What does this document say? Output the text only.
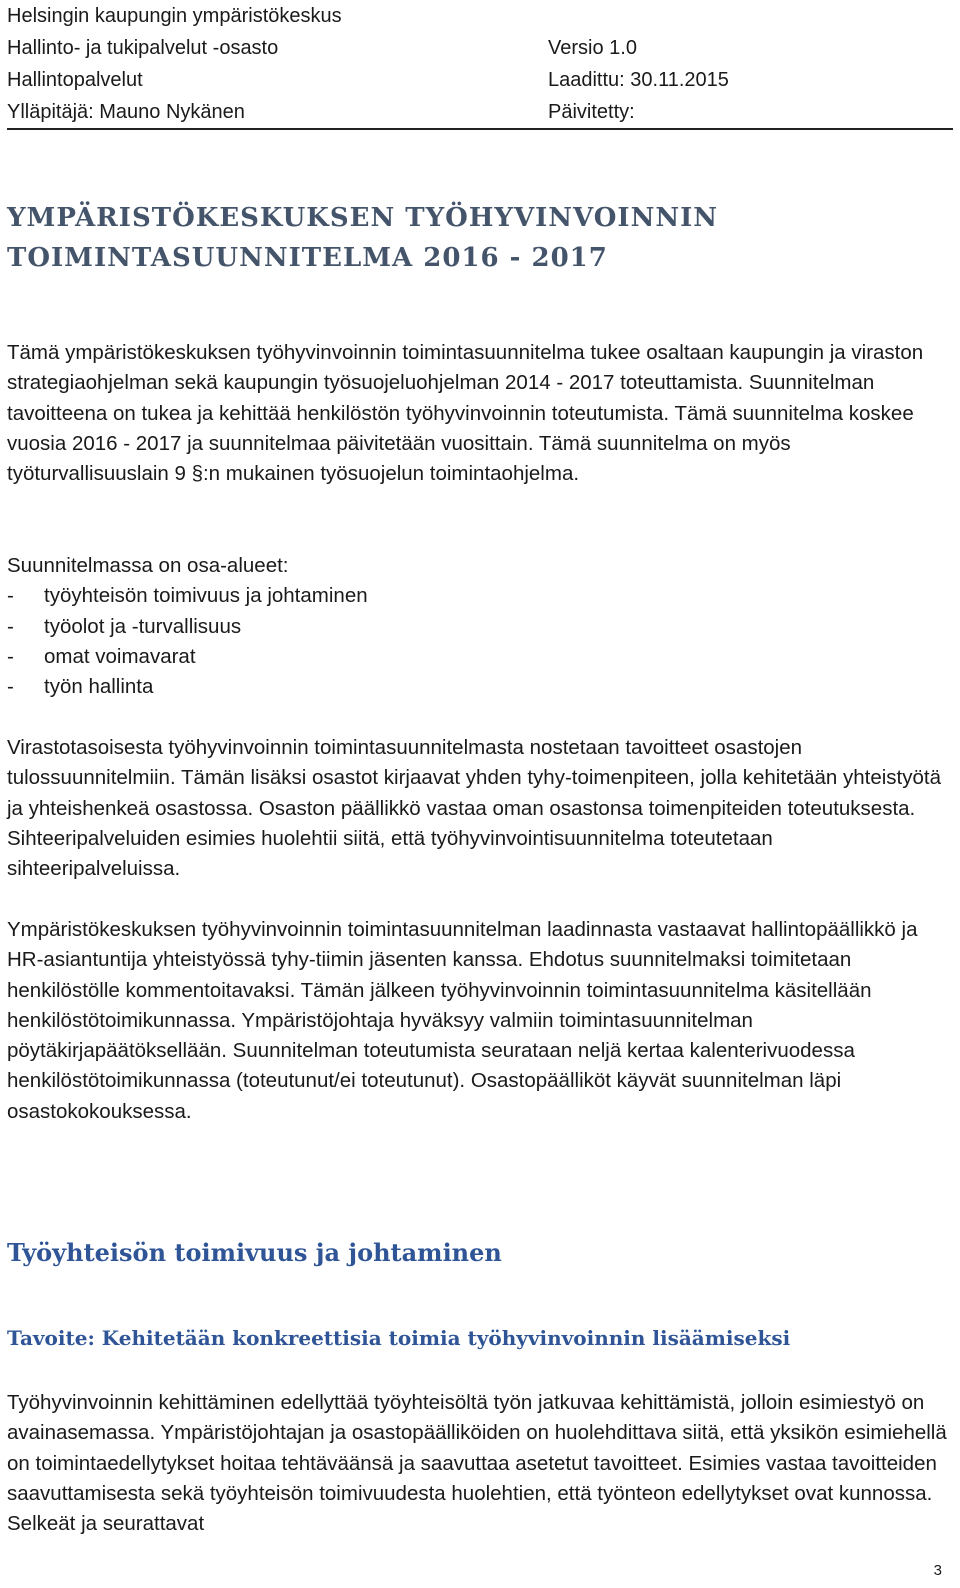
Helsingin kaupungin ympäristökeskus
Hallinto- ja tukipalvelut -osasto	Versio 1.0
Hallintopalvelut	Laadittu: 30.11.2015
Ylläpitäjä: Mauno Nykänen	Päivitetty:
YMPÄRISTÖKESKUKSEN TYÖHYVINVOINNIN
TOIMINTASUUNNITELMA 2016 - 2017

Tämä ympäristökeskuksen työhyvinvoinnin toimintasuunnitelma tukee osaltaan kaupungin ja viraston strategiaohjelman sekä kaupungin työsuojeluohjelman 2014 - 2017 toteuttamista. Suunnitelman tavoitteena on tukea ja kehittää henkilöstön työhyvinvoinnin toteutumista. Tämä suunnitelma koskee vuosia 2016 - 2017 ja suunnitelmaa päivitetään vuosittain. Tämä suunnitelma on myös työturvallisuuslain 9 §:n mukainen työsuojelun toimintaohjelma.

Suunnitelmassa on osa-alueet:
-	työyhteisön toimivuus ja johtaminen
-	työolot ja -turvallisuus
-	omat voimavarat
-	työn hallinta

Virastotasoisesta työhyvinvoinnin toimintasuunnitelmasta nostetaan tavoitteet osastojen tulossuunnitelmiin. Tämän lisäksi osastot kirjaavat yhden tyhy-toimenpiteen, jolla kehitetään yhteistyötä ja yhteishenkeä osastossa. Osaston päällikkö vastaa oman osastonsa toimenpiteiden toteutuksesta. Sihteeripalveluiden esimies huolehtii siitä, että työhyvinvointisuunnitelma toteutetaan sihteeripalveluissa.

Ympäristökeskuksen työhyvinvoinnin toimintasuunnitelman laadinnasta vastaavat hallintopäällikkö ja HR-asiantuntija yhteistyössä tyhy-tiimin jäsenten kanssa. Ehdotus suunnitelmaksi toimitetaan henkilöstölle kommentoitavaksi. Tämän jälkeen työhyvinvoinnin toimintasuunnitelma käsitellään henkilöstötoimikunnassa. Ympäristöjohtaja hyväksyy valmiin toimintasuunnitelman pöytäkirjapäätöksellään. Suunnitelman toteutumista seurataan neljä kertaa kalenterivuodessa henkilöstötoimikunnassa (toteutunut/ei toteutunut). Osastopäälliköt käyvät suunnitelman läpi osastokokouksessa.

Työyhteisön toimivuus ja johtaminen
Tavoite: Kehitetään konkreettisia toimia työhyvinvoinnin lisäämiseksi

Työhyvinvoinnin kehittäminen edellyttää työyhteisöltä työn jatkuvaa kehittämistä, jolloin esimiestyö on avainasemassa. Ympäristöjohtajan ja osastopäälliköiden on huolehdittava siitä, että yksikön esimiehellä on toimintaedellytykset hoitaa tehtäväänsä ja saavuttaa asetetut tavoitteet. Esimies vastaa tavoitteiden saavuttamisesta sekä työyhteisön toimivuudesta huolehtien, että työnteon edellytykset ovat kunnossa. Selkeät ja seurattavat

3
